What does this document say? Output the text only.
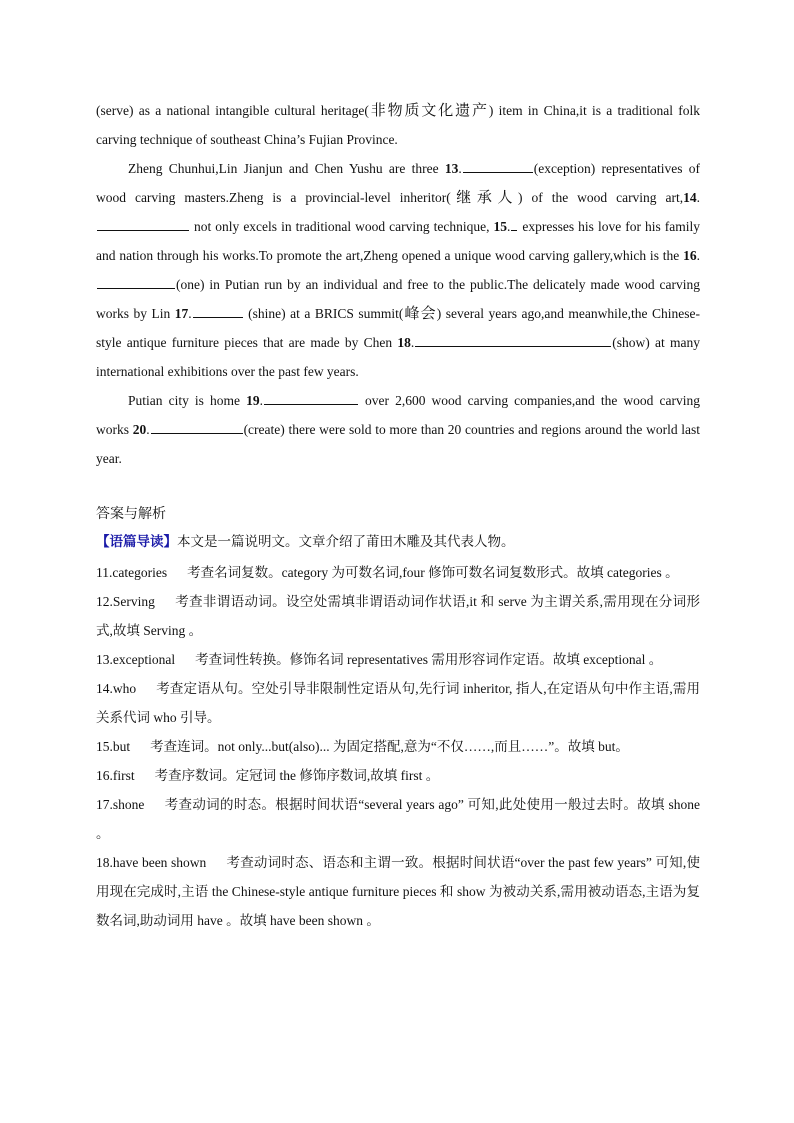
(serve) as a national intangible cultural heritage(非物质文化遗产) item in China,it is a traditional folk carving technique of southeast China’s Fujian Province.

Zheng Chunhui,Lin Jianjun and Chen Yushu are three 13.	(exception) representatives of wood carving masters.Zheng is a provincial-level inheritor(继承人) of the wood carving art,14. not only excels in traditional wood carving technique, 15. expresses his love for his family and nation through his works.To promote the art,Zheng opened a unique wood carving gallery,which is the 16.(one) in Putian run by an individual and free to the public.The delicately made wood carving works by Lin 17.	(shine) at a BRICS summit(峰会) several years ago,and meanwhile,the Chinese-style antique furniture pieces that are made by Chen 18.	(show) at many international exhibitions over the past few years.

Putian city is home 19.	over 2,600 wood carving companies,and the wood carving works 20.	(create) there were sold to more than 20 countries and regions around the world last year.

答案与解析

【语篇导读】本文是一篇说明文。文章介绍了莆田木雕及其代表人物。

11.categories 考查名词复数。category 为可数名词,four 修饰可数名词复数形式。故填 categories 。

12.Serving 考查非谓语动词。设空处需填非谓语动词作状语,it 和 serve 为主谓关系,需用现在分词形式,故填 Serving 。

13.exceptional 考查词性转换。修饰名词 representatives 需用形容词作定语。故填 exceptional 。

14.who 考查定语从句。空处引导非限制性定语从句,先行词 inheritor, 指人,在定语从句中作主语,需用关系代词 who 引导。

15.but 考查连词。not only...but(also)... 为固定搭配,意为“不仅……,而且……”。故填 but。

16.first 考查序数词。定冠词 the 修饰序数词,故填 first 。

17.shone 考查动词的时态。根据时间状语“several years ago” 可知,此处使用一般过去时。故填 shone 。

18.have been shown 考查动词时态、语态和主谓一致。根据时间状语“over the past few years” 可知,使用现在完成时,主语 the Chinese-style antique furniture pieces 和 show 为被动关系,需用被动语态,主语为复数名词,助动词用 have 。故填 have been shown 。
